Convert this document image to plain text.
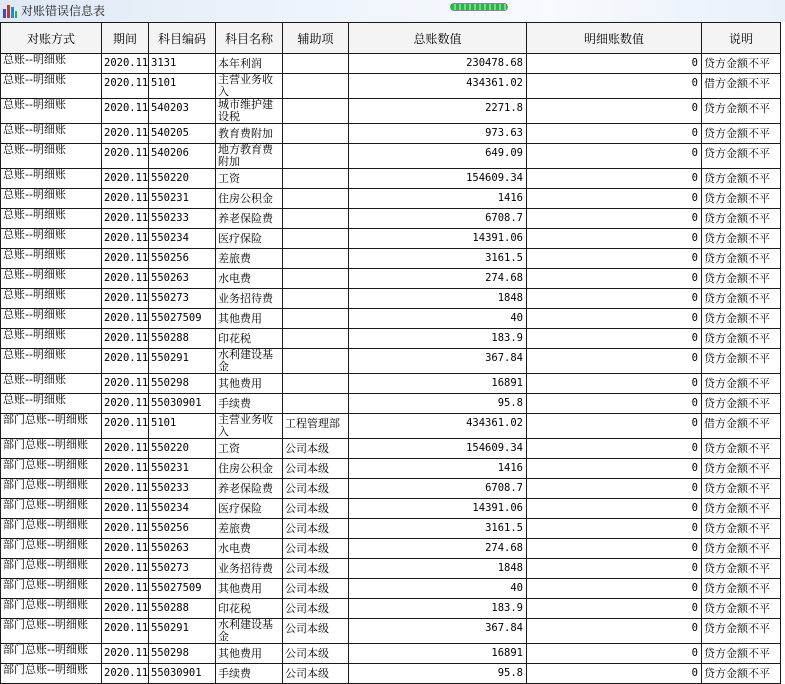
对账错误信息表
对账方式	期间	科目编码	科目名称	辅助项	总账数值	明细账数值	说明
总账--明细账	2020.11	3131	本年利润		230478.68	0	贷方金额不平
总账--明细账	2020.11	5101	主营业务收入		434361.02	0	借方金额不平
总账--明细账	2020.11	540203	城市维护建设税		2271.8	0	贷方金额不平
总账--明细账	2020.11	540205	教育费附加		973.63	0	贷方金额不平
总账--明细账	2020.11	540206	地方教育费附加		649.09	0	贷方金额不平
总账--明细账	2020.11	550220	工资		154609.34	0	贷方金额不平
总账--明细账	2020.11	550231	住房公积金		1416	0	贷方金额不平
总账--明细账	2020.11	550233	养老保险费		6708.7	0	贷方金额不平
总账--明细账	2020.11	550234	医疗保险		14391.06	0	贷方金额不平
总账--明细账	2020.11	550256	差旅费		3161.5	0	贷方金额不平
总账--明细账	2020.11	550263	水电费		274.68	0	贷方金额不平
总账--明细账	2020.11	550273	业务招待费		1848	0	贷方金额不平
总账--明细账	2020.11	55027509	其他费用		40	0	贷方金额不平
总账--明细账	2020.11	550288	印花税		183.9	0	贷方金额不平
总账--明细账	2020.11	550291	水利建设基金		367.84	0	贷方金额不平
总账--明细账	2020.11	550298	其他费用		16891	0	贷方金额不平
总账--明细账	2020.11	55030901	手续费		95.8	0	贷方金额不平
部门总账--明细账	2020.11	5101	主营业务收入	工程管理部	434361.02	0	借方金额不平
部门总账--明细账	2020.11	550220	工资	公司本级	154609.34	0	贷方金额不平
部门总账--明细账	2020.11	550231	住房公积金	公司本级	1416	0	贷方金额不平
部门总账--明细账	2020.11	550233	养老保险费	公司本级	6708.7	0	贷方金额不平
部门总账--明细账	2020.11	550234	医疗保险	公司本级	14391.06	0	贷方金额不平
部门总账--明细账	2020.11	550256	差旅费	公司本级	3161.5	0	贷方金额不平
部门总账--明细账	2020.11	550263	水电费	公司本级	274.68	0	贷方金额不平
部门总账--明细账	2020.11	550273	业务招待费	公司本级	1848	0	贷方金额不平
部门总账--明细账	2020.11	55027509	其他费用	公司本级	40	0	贷方金额不平
部门总账--明细账	2020.11	550288	印花税	公司本级	183.9	0	贷方金额不平
部门总账--明细账	2020.11	550291	水利建设基金	公司本级	367.84	0	贷方金额不平
部门总账--明细账	2020.11	550298	其他费用	公司本级	16891	0	贷方金额不平
部门总账--明细账	2020.11	55030901	手续费	公司本级	95.8	0	贷方金额不平
